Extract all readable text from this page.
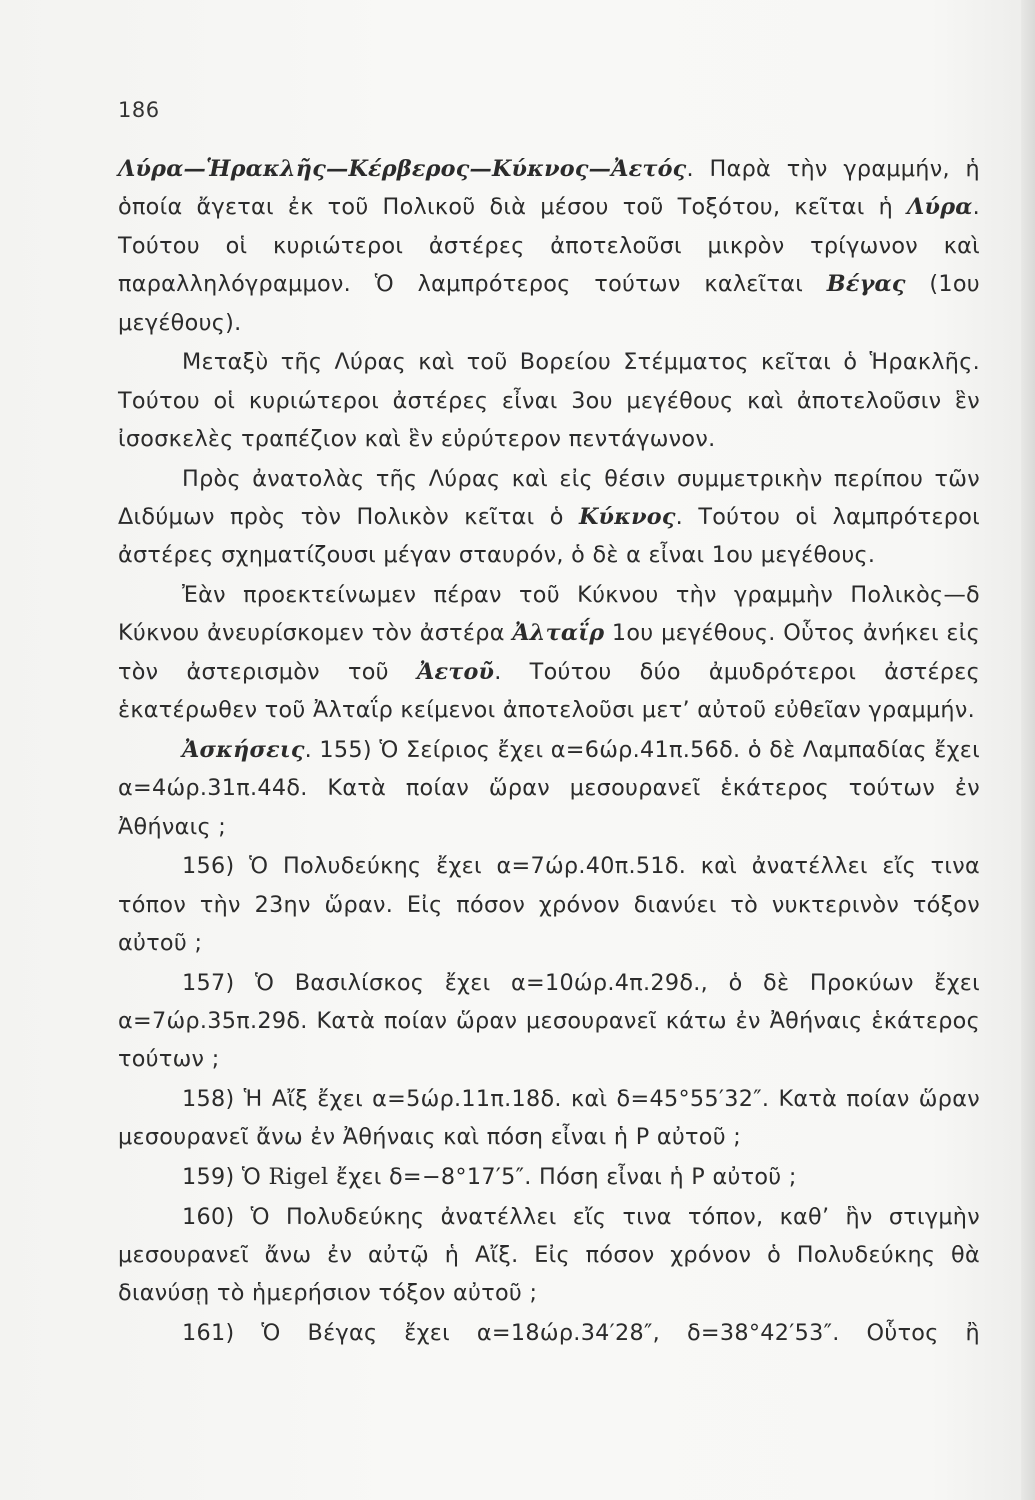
186

Λύρα—Ἡρακλῆς—Κέρβερος—Κύκνος—Ἀετός. Παρὰ τὴν γραμμήν, ἡ ὁποία ἄγεται ἐκ τοῦ Πολικοῦ διὰ μέσου τοῦ Τοξότου, κεῖται ἡ Λύρα. Τούτου οἱ κυριώτεροι ἀστέρες ἀποτελοῦσι μικρὸν τρίγωνον καὶ παραλληλόγραμμον. Ὁ λαμπρότερος τούτων καλεῖται Βέγας (1ου μεγέθους).

Μεταξὺ τῆς Λύρας καὶ τοῦ Βορείου Στέμματος κεῖται ὁ Ἡρακλῆς. Τούτου οἱ κυριώτεροι ἀστέρες εἶναι 3ου μεγέθους καὶ ἀποτελοῦσιν ἓν ἰσοσκελὲς τραπέζιον καὶ ἓν εὐρύτερον πεντάγωνον.

Πρὸς ἀνατολὰς τῆς Λύρας καὶ εἰς θέσιν συμμετρικὴν περίπου τῶν Διδύμων πρὸς τὸν Πολικὸν κεῖται ὁ Κύκνος. Τούτου οἱ λαμπρότεροι ἀστέρες σχηματίζουσι μέγαν σταυρόν, ὁ δὲ α εἶναι 1ου μεγέθους.

Ἐὰν προεκτείνωμεν πέραν τοῦ Κύκνου τὴν γραμμὴν Πολικὸς—δ Κύκνου ἀνευρίσκομεν τὸν ἀστέρα Ἀλταΐρ 1ου μεγέθους. Οὗτος ἀνήκει εἰς τὸν ἀστερισμὸν τοῦ Ἀετοῦ. Τούτου δύο ἀμυδρότεροι ἀστέρες ἑκατέρωθεν τοῦ Ἀλταΐρ κείμενοι ἀποτελοῦσι μετ’ αὐτοῦ εὐθεῖαν γραμμήν.

Ἀσκήσεις. 155) Ὁ Σείριος ἔχει α=6ώρ.41π.56δ. ὁ δὲ Λαμπαδίας ἔχει α=4ώρ.31π.44δ. Κατὰ ποίαν ὥραν μεσουρανεῖ ἑκάτερος τούτων ἐν Ἀθήναις ;

156) Ὁ Πολυδεύκης ἔχει α=7ώρ.40π.51δ. καὶ ἀνατέλλει εἴς τινα τόπον τὴν 23ην ὥραν. Εἰς πόσον χρόνον διανύει τὸ νυκτερινὸν τόξον αὐτοῦ ;

157) Ὁ Βασιλίσκος ἔχει α=10ώρ.4π.29δ., ὁ δὲ Προκύων ἔχει α=7ώρ.35π.29δ. Κατὰ ποίαν ὥραν μεσουρανεῖ κάτω ἐν Ἀθήναις ἑκάτερος τούτων ;

158) Ἡ Αἴξ ἔχει α=5ώρ.11π.18δ. καὶ δ=45°55′32″. Κατὰ ποίαν ὥραν μεσουρανεῖ ἄνω ἐν Ἀθήναις καὶ πόση εἶναι ἡ P αὐτοῦ ;

159) Ὁ Rigel ἔχει δ=−8°17′5″. Πόση εἶναι ἡ P αὐτοῦ ;

160) Ὁ Πολυδεύκης ἀνατέλλει εἴς τινα τόπον, καθ’ ἣν στιγμὴν μεσουρανεῖ ἄνω ἐν αὐτῷ ἡ Αἴξ. Εἰς πόσον χρόνον ὁ Πολυδεύκης θὰ διανύσῃ τὸ ἡμερήσιον τόξον αὐτοῦ ;

161) Ὁ Βέγας ἔχει α=18ώρ.34′28″, δ=38°42′53″. Οὗτος ἢ
